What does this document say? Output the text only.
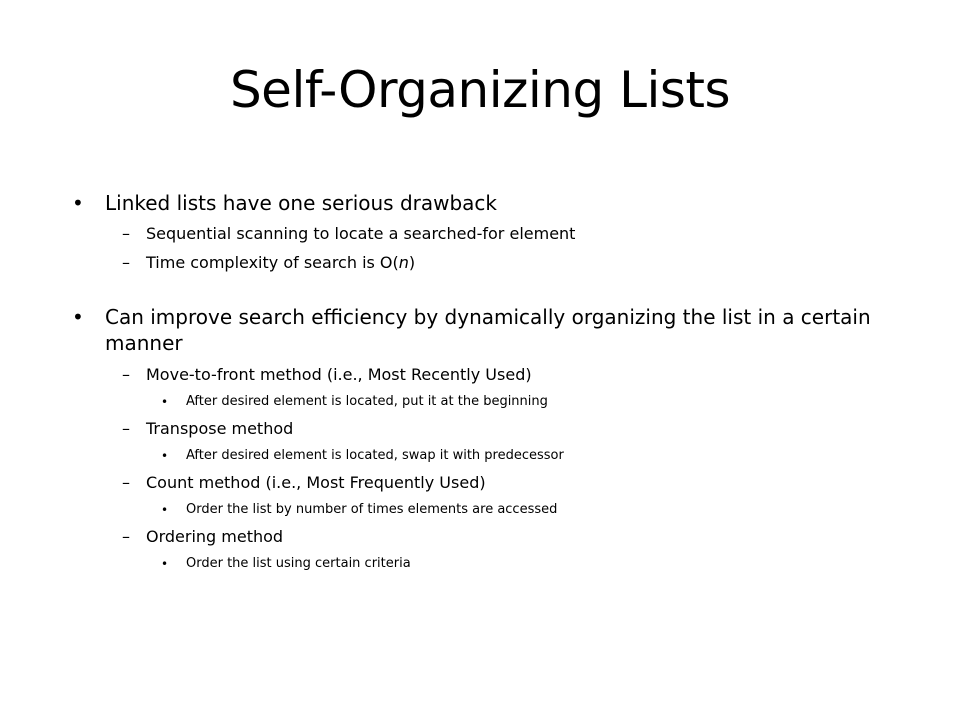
Self-Organizing Lists
• Linked lists have one serious drawback
– Sequential scanning to locate a searched-for element
– Time complexity of search is O(n)
• Can improve search efficiency by dynamically organizing the list in a certain manner
– Move-to-front method (i.e., Most Recently Used)
• After desired element is located, put it at the beginning
– Transpose method
• After desired element is located, swap it with predecessor
– Count method (i.e., Most Frequently Used)
• Order the list by number of times elements are accessed
– Ordering method
• Order the list using certain criteria
